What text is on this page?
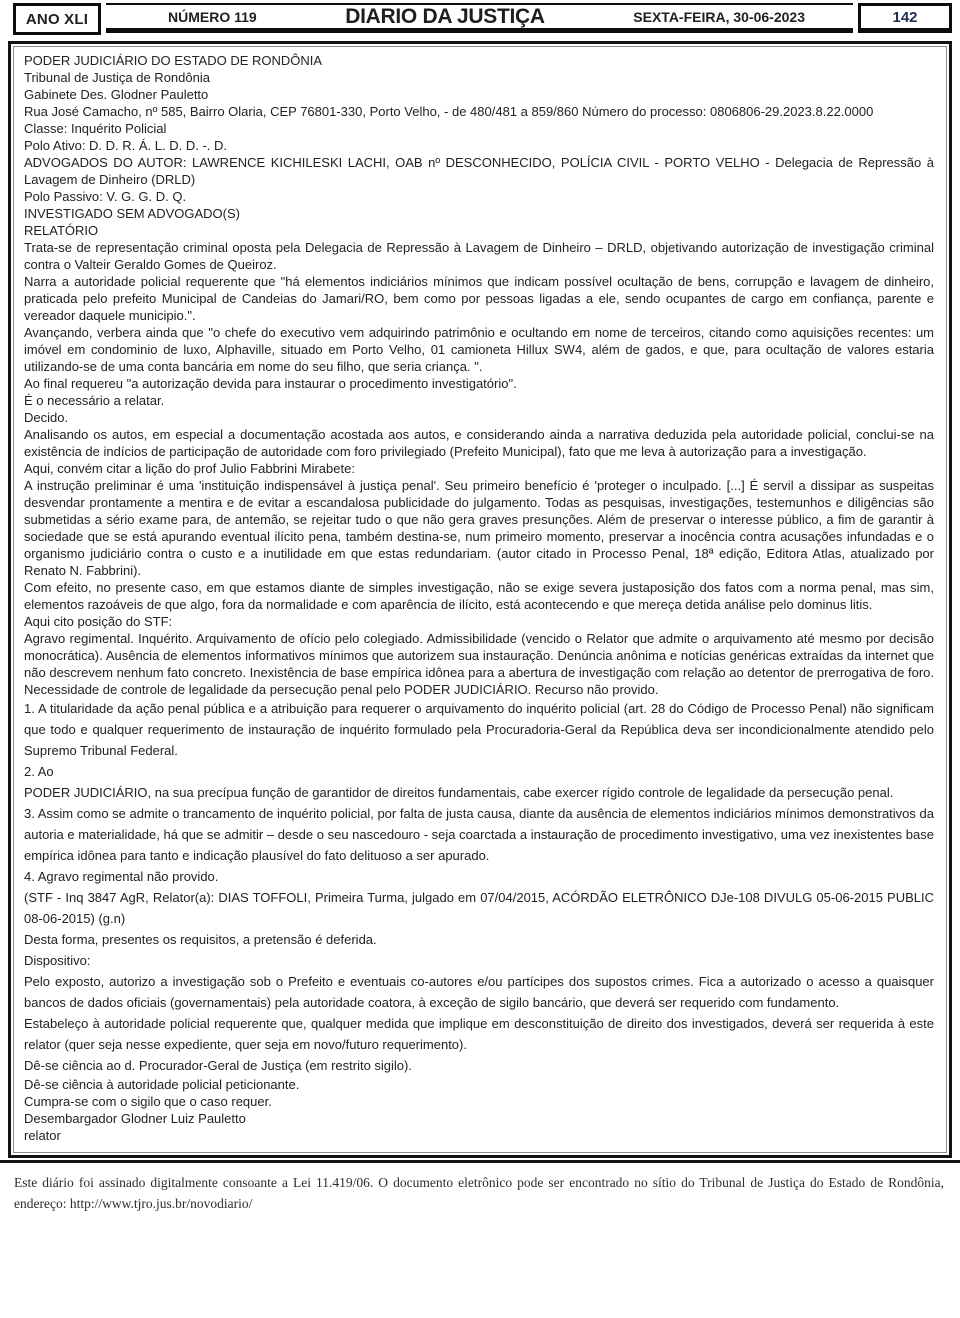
ANO XLI	NÚMERO 119	DIARIO DA JUSTIÇA	SEXTA-FEIRA, 30-06-2023	142

PODER JUDICIÁRIO DO ESTADO DE RONDÔNIA

Tribunal de Justiça de Rondônia

Gabinete Des. Glodner Pauletto

Rua José Camacho, nº 585, Bairro Olaria, CEP 76801-330, Porto Velho, - de 480/481 a 859/860 Número do processo: 0806806-29.2023.8.22.0000

Classe: Inquérito Policial

Polo Ativo: D. D. R. Á. L. D. D. -. D.

ADVOGADOS DO AUTOR: LAWRENCE KICHILESKI LACHI, OAB nº DESCONHECIDO, POLÍCIA CIVIL - PORTO VELHO - Delegacia de Repressão à Lavagem de Dinheiro (DRLD)

Polo Passivo: V. G. G. D. Q.

INVESTIGADO SEM ADVOGADO(S)

RELATÓRIO

Trata-se de representação criminal oposta pela Delegacia de Repressão à Lavagem de Dinheiro – DRLD, objetivando autorização de investigação criminal contra o Valteir Geraldo Gomes de Queiroz.

Narra a autoridade policial requerente que "há elementos indiciários mínimos que indicam possível ocultação de bens, corrupção e lavagem de dinheiro, praticada pelo prefeito Municipal de Candeias do Jamari/RO, bem como por pessoas ligadas a ele, sendo ocupantes de cargo em confiança, parente e vereador daquele municipio.".

Avançando, verbera ainda que "o chefe do executivo vem adquirindo patrimônio e ocultando em nome de terceiros, citando como aquisições recentes: um imóvel em condominio de luxo, Alphaville, situado em Porto Velho, 01 camioneta Hillux SW4, além de gados, e que, para ocultação de valores estaria utilizando-se de uma conta bancária em nome do seu filho, que seria criança. ".

Ao final requereu "a autorização devida para instaurar o procedimento investigatório".

É o necessário a relatar.

Decido.

Analisando os autos, em especial a documentação acostada aos autos, e considerando ainda a narrativa deduzida pela autoridade policial, conclui-se na existência de indícios de participação de autoridade com foro privilegiado (Prefeito Municipal), fato que me leva à autorização para a investigação.

Aqui, convém citar a lição do prof Julio Fabbrini Mirabete:

A instrução preliminar é uma 'instituição indispensável à justiça penal'. Seu primeiro benefício é 'proteger o inculpado. [...] É servil a dissipar as suspeitas desvendar prontamente a mentira e de evitar a escandalosa publicidade do julgamento. Todas as pesquisas, investigações, testemunhos e diligências são submetidas a sério exame para, de antemão, se rejeitar tudo o que não gera graves presunções. Além de preservar o interesse público, a fim de garantir à sociedade que se está apurando eventual ilícito pena, também destina-se, num primeiro momento, preservar a inocência contra acusações infundadas e o organismo judiciário contra o custo e a inutilidade em que estas redundariam. (autor citado in Processo Penal, 18ª edição, Editora Atlas, atualizado por Renato N. Fabbrini).

Com efeito, no presente caso, em que estamos diante de simples investigação, não se exige severa justaposição dos fatos com a norma penal, mas sim, elementos razoáveis de que algo, fora da normalidade e com aparência de ilícito, está acontecendo e que mereça detida análise pelo dominus litis.

Aqui cito posição do STF:

Agravo regimental. Inquérito. Arquivamento de ofício pelo colegiado. Admissibilidade (vencido o Relator que admite o arquivamento até mesmo por decisão monocrática). Ausência de elementos informativos mínimos que autorizem sua instauração. Denúncia anônima e notícias genéricas extraídas da internet que não descrevem nenhum fato concreto. Inexistência de base empírica idônea para a abertura de investigação com relação ao detentor de prerrogativa de foro. Necessidade de controle de legalidade da persecução penal pelo PODER JUDICIÁRIO. Recurso não provido.

1. A titularidade da ação penal pública e a atribuição para requerer o arquivamento do inquérito policial (art. 28 do Código de Processo Penal) não significam que todo e qualquer requerimento de instauração de inquérito formulado pela Procuradoria-Geral da República deva ser incondicionalmente atendido pelo Supremo Tribunal Federal.

2. Ao

PODER JUDICIÁRIO, na sua precípua função de garantidor de direitos fundamentais, cabe exercer rígido controle de legalidade da persecução penal.

3. Assim como se admite o trancamento de inquérito policial, por falta de justa causa, diante da ausência de elementos indiciários mínimos demonstrativos da autoria e materialidade, há que se admitir – desde o seu nascedouro - seja coarctada a instauração de procedimento investigativo, uma vez inexistentes base empírica idônea para tanto e indicação plausível do fato delituoso a ser apurado.

4. Agravo regimental não provido.

(STF - Inq 3847 AgR, Relator(a): DIAS TOFFOLI, Primeira Turma, julgado em 07/04/2015, ACÓRDÃO ELETRÔNICO DJe-108 DIVULG 05-06-2015 PUBLIC 08-06-2015) (g.n)

Desta forma, presentes os requisitos, a pretensão é deferida.

Dispositivo:

Pelo exposto, autorizo a investigação sob o Prefeito e eventuais co-autores e/ou partícipes dos supostos crimes. Fica a autorizado o acesso a quaisquer bancos de dados oficiais (governamentais) pela autoridade coatora, à exceção de sigilo bancário, que deverá ser requerido com fundamento.

Estabeleço à autoridade policial requerente que, qualquer medida que implique em desconstituição de direito dos investigados, deverá ser requerida à este relator (quer seja nesse expediente, quer seja em novo/futuro requerimento).

Dê-se ciência ao d. Procurador-Geral de Justiça (em restrito sigilo).

Dê-se ciência à autoridade policial peticionante.

Cumpra-se com o sigilo que o caso requer.

Desembargador Glodner Luiz Pauletto

relator

Este diário foi assinado digitalmente consoante a Lei 11.419/06. O documento eletrônico pode ser encontrado no sítio do Tribunal de Justiça do Estado de Rondônia, endereço: http://www.tjro.jus.br/novodiario/
